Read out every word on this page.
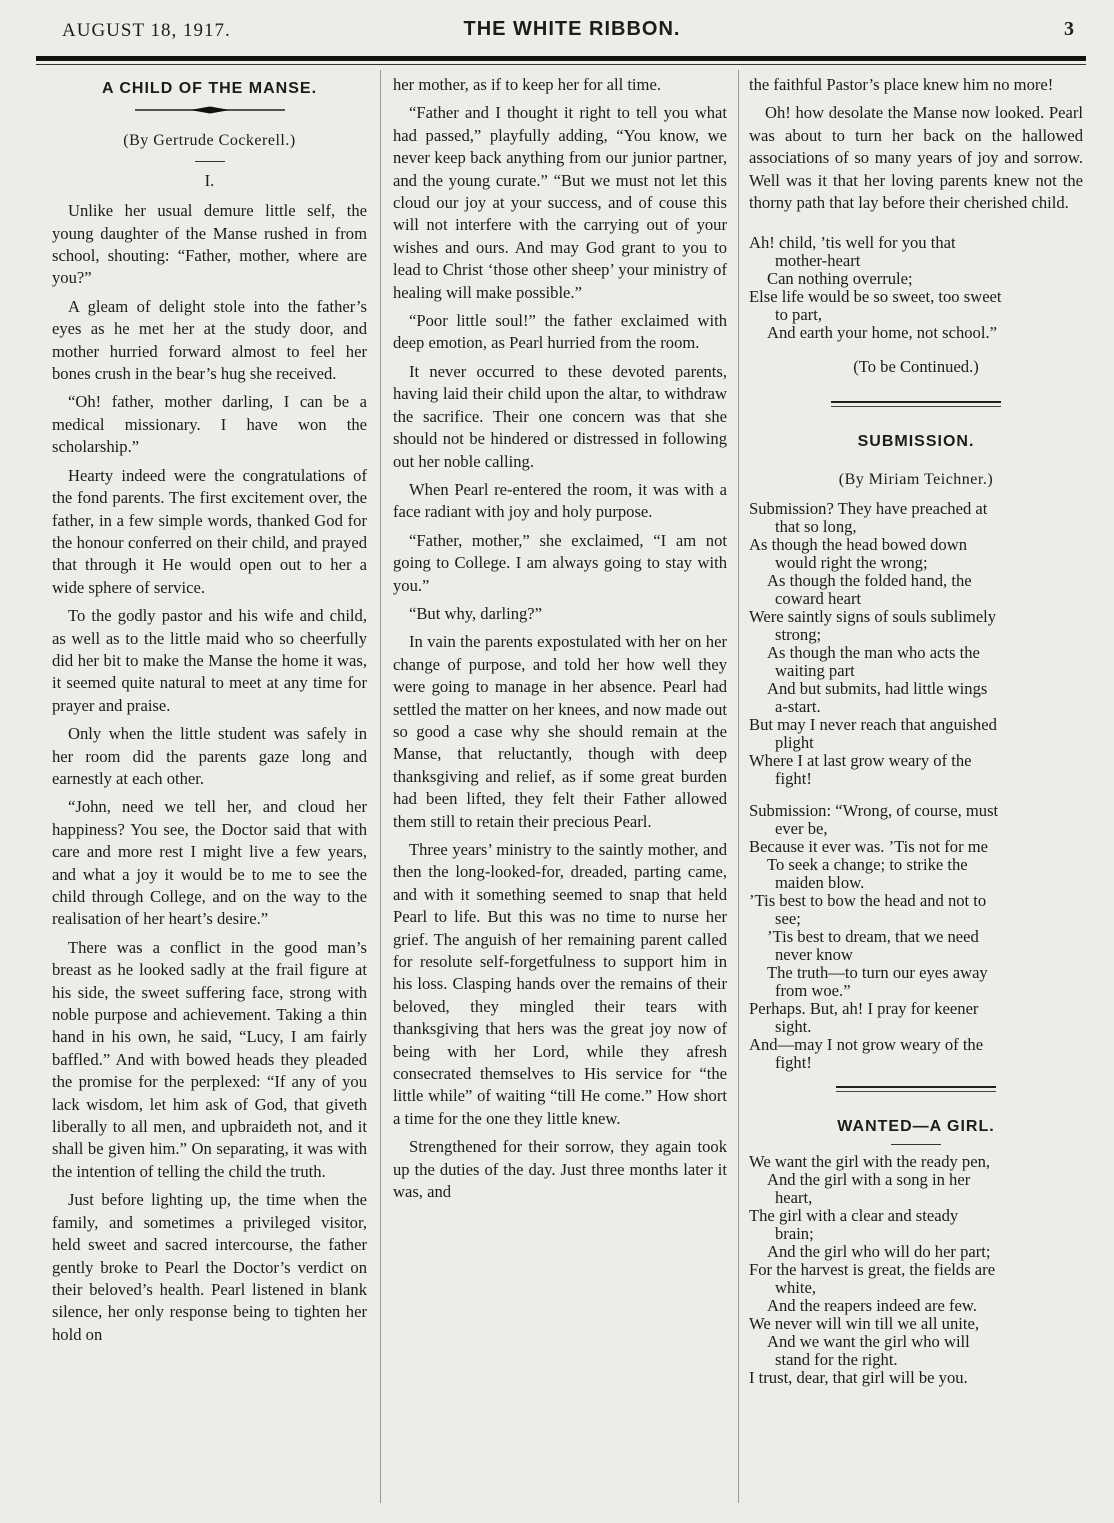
AUGUST 18, 1917.	THE WHITE RIBBON.	3
A CHILD OF THE MANSE.
(By Gertrude Cockerell.)
I.

Unlike her usual demure little self, the young daughter of the Manse rushed in from school, shouting: “Father, mother, where are you?”

A gleam of delight stole into the father’s eyes as he met her at the study door, and mother hurried forward almost to feel her bones crush in the bear’s hug she received.

“Oh! father, mother darling, I can be a medical missionary. I have won the scholarship.”

Hearty indeed were the congratulations of the fond parents. The first excitement over, the father, in a few simple words, thanked God for the honour conferred on their child, and prayed that through it He would open out to her a wide sphere of service.

To the godly pastor and his wife and child, as well as to the little maid who so cheerfully did her bit to make the Manse the home it was, it seemed quite natural to meet at any time for prayer and praise.

Only when the little student was safely in her room did the parents gaze long and earnestly at each other.

“John, need we tell her, and cloud her happiness? You see, the Doctor said that with care and more rest I might live a few years, and what a joy it would be to me to see the child through College, and on the way to the realisation of her heart’s desire.”

There was a conflict in the good man’s breast as he looked sadly at the frail figure at his side, the sweet suffering face, strong with noble purpose and achievement. Taking a thin hand in his own, he said, “Lucy, I am fairly baffled.” And with bowed heads they pleaded the promise for the perplexed: “If any of you lack wisdom, let him ask of God, that giveth liberally to all men, and upbraideth not, and it shall be given him.” On separating, it was with the intention of telling the child the truth.

Just before lighting up, the time when the family, and sometimes a privileged visitor, held sweet and sacred intercourse, the father gently broke to Pearl the Doctor’s verdict on their beloved’s health. Pearl listened in blank silence, her only response being to tighten her hold on

her mother, as if to keep her for all time.

“Father and I thought it right to tell you what had passed,” playfully adding, “You know, we never keep back anything from our junior partner, and the young curate.” “But we must not let this cloud our joy at your success, and of couse this will not interfere with the carrying out of your wishes and ours. And may God grant to you to lead to Christ ‘those other sheep’ your ministry of healing will make possible.”

“Poor little soul!” the father exclaimed with deep emotion, as Pearl hurried from the room.

It never occurred to these devoted parents, having laid their child upon the altar, to withdraw the sacrifice. Their one concern was that she should not be hindered or distressed in following out her noble calling.

When Pearl re-entered the room, it was with a face radiant with joy and holy purpose.

“Father, mother,” she exclaimed, “I am not going to College. I am always going to stay with you.”

“But why, darling?”

In vain the parents expostulated with her on her change of purpose, and told her how well they were going to manage in her absence. Pearl had settled the matter on her knees, and now made out so good a case why she should remain at the Manse, that reluctantly, though with deep thanksgiving and relief, as if some great burden had been lifted, they felt their Father allowed them still to retain their precious Pearl.

Three years’ ministry to the saintly mother, and then the long-looked-for, dreaded, parting came, and with it something seemed to snap that held Pearl to life. But this was no time to nurse her grief. The anguish of her remaining parent called for resolute self-forgetfulness to support him in his loss. Clasping hands over the remains of their beloved, they mingled their tears with thanksgiving that hers was the great joy now of being with her Lord, while they afresh consecrated themselves to His service for “the little while” of waiting “till He come.” How short a time for the one they little knew.

Strengthened for their sorrow, they again took up the duties of the day. Just three months later it was, and

the faithful Pastor’s place knew him no more!

Oh! how desolate the Manse now looked. Pearl was about to turn her back on the hallowed associations of so many years of joy and sorrow. Well was it that her loving parents knew not the thorny path that lay before their cherished child.

Ah! child, ’tis well for you that
mother-heart
Can nothing overrule;
Else life would be so sweet, too sweet
to part,
And earth your home, not school.”
(To be Continued.)
SUBMISSION.
(By Miriam Teichner.)
Submission? They have preached at
that so long,
As though the head bowed down
would right the wrong;
As though the folded hand, the
coward heart
Were saintly signs of souls sublimely
strong;
As though the man who acts the
waiting part
And but submits, had little wings
a-start.
But may I never reach that anguished
plight
Where I at last grow weary of the
fight!
Submission: “Wrong, of course, must
ever be,
Because it ever was. ’Tis not for me
To seek a change; to strike the
maiden blow.
’Tis best to bow the head and not to
see;
’Tis best to dream, that we need
never know
The truth—to turn our eyes away
from woe.”
Perhaps. But, ah! I pray for keener
sight.
And—may I not grow weary of the
fight!
WANTED—A GIRL.
We want the girl with the ready pen,
And the girl with a song in her
heart,
The girl with a clear and steady
brain;
And the girl who will do her part;
For the harvest is great, the fields are
white,
And the reapers indeed are few.
We never will win till we all unite,
And we want the girl who will
stand for the right.
I trust, dear, that girl will be you.
